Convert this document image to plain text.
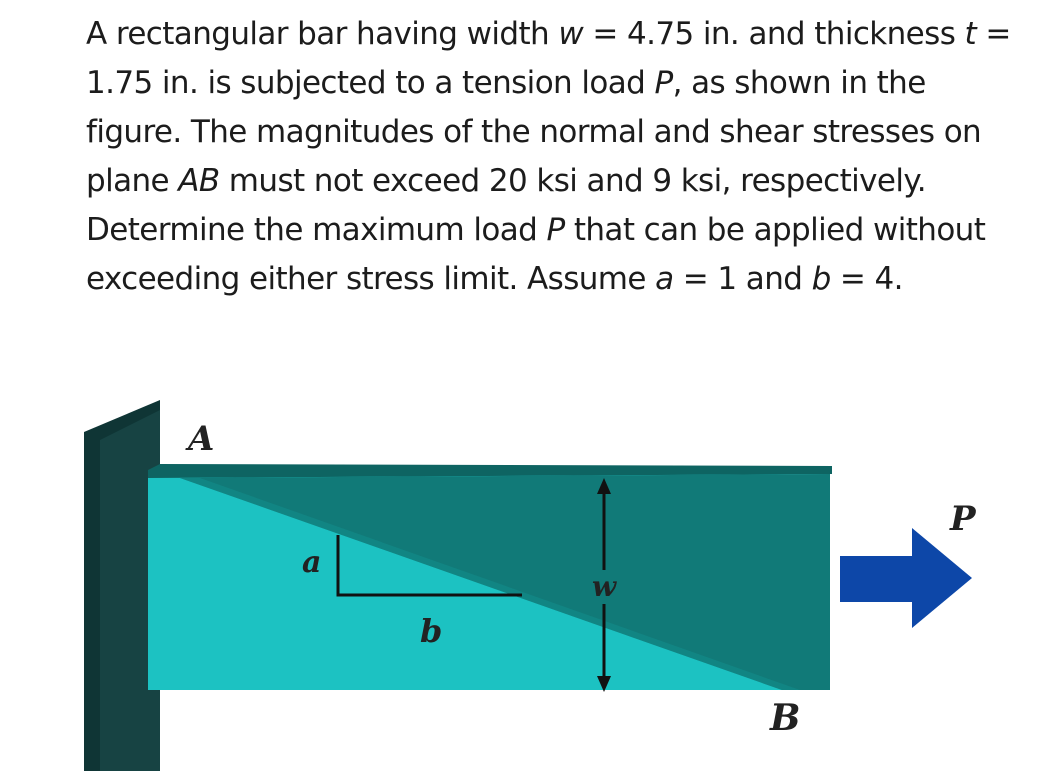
A rectangular bar having width w = 4.75 in. and thickness t = 1.75 in. is subjected to a tension load P, as shown in the figure. The magnitudes of the normal and shear stresses on plane AB must not exceed 20 ksi and 9 ksi, respectively. Determine the maximum load P that can be applied without exceeding either stress limit. Assume a = 1 and b = 4.

A
B
a
b
w
P
